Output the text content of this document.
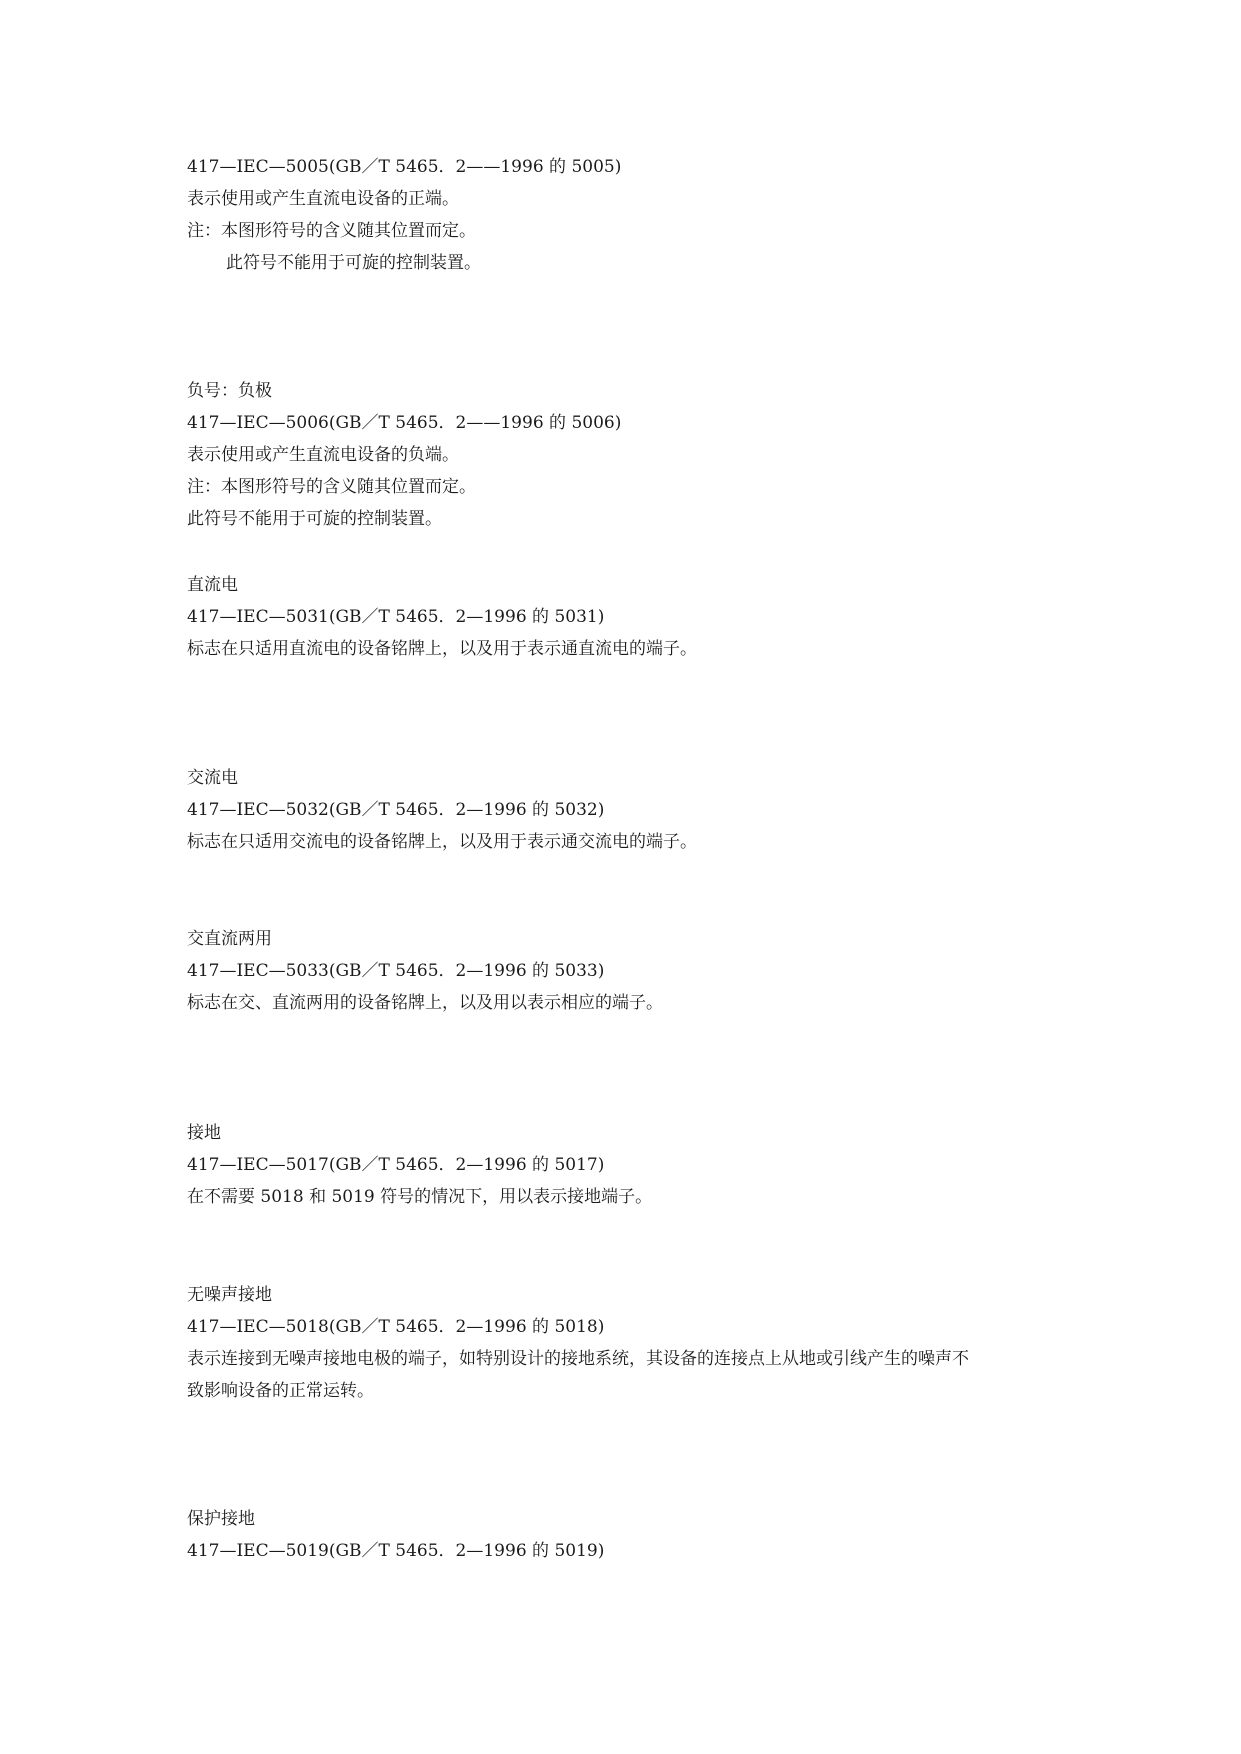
417—IEC—5005(GB／T 5465．2——1996 的 5005)
表示使用或产生直流电设备的正端。
注：本图形符号的含义随其位置而定。
此符号不能用于可旋的控制装置。
负号：负极
417—IEC—5006(GB／T 5465．2——1996 的 5006)
表示使用或产生直流电设备的负端。
注：本图形符号的含义随其位置而定。
此符号不能用于可旋的控制装置。
直流电
417—IEC—5031(GB／T 5465．2—1996 的 5031)
标志在只适用直流电的设备铭牌上，以及用于表示通直流电的端子。
交流电
417—IEC—5032(GB／T 5465．2—1996 的 5032)
标志在只适用交流电的设备铭牌上，以及用于表示通交流电的端子。
交直流两用
417—IEC—5033(GB／T 5465．2—1996 的 5033)
标志在交、直流两用的设备铭牌上，以及用以表示相应的端子。
接地
417—IEC—5017(GB／T 5465．2—1996 的 5017)
在不需要 5018 和 5019 符号的情况下，用以表示接地端子。
无噪声接地
417—IEC—5018(GB／T 5465．2—1996 的 5018)
表示连接到无噪声接地电极的端子，如特别设计的接地系统，其设备的连接点上从地或引线产生的噪声不
致影响设备的正常运转。
保护接地
417—IEC—5019(GB／T 5465．2—1996 的 5019)
